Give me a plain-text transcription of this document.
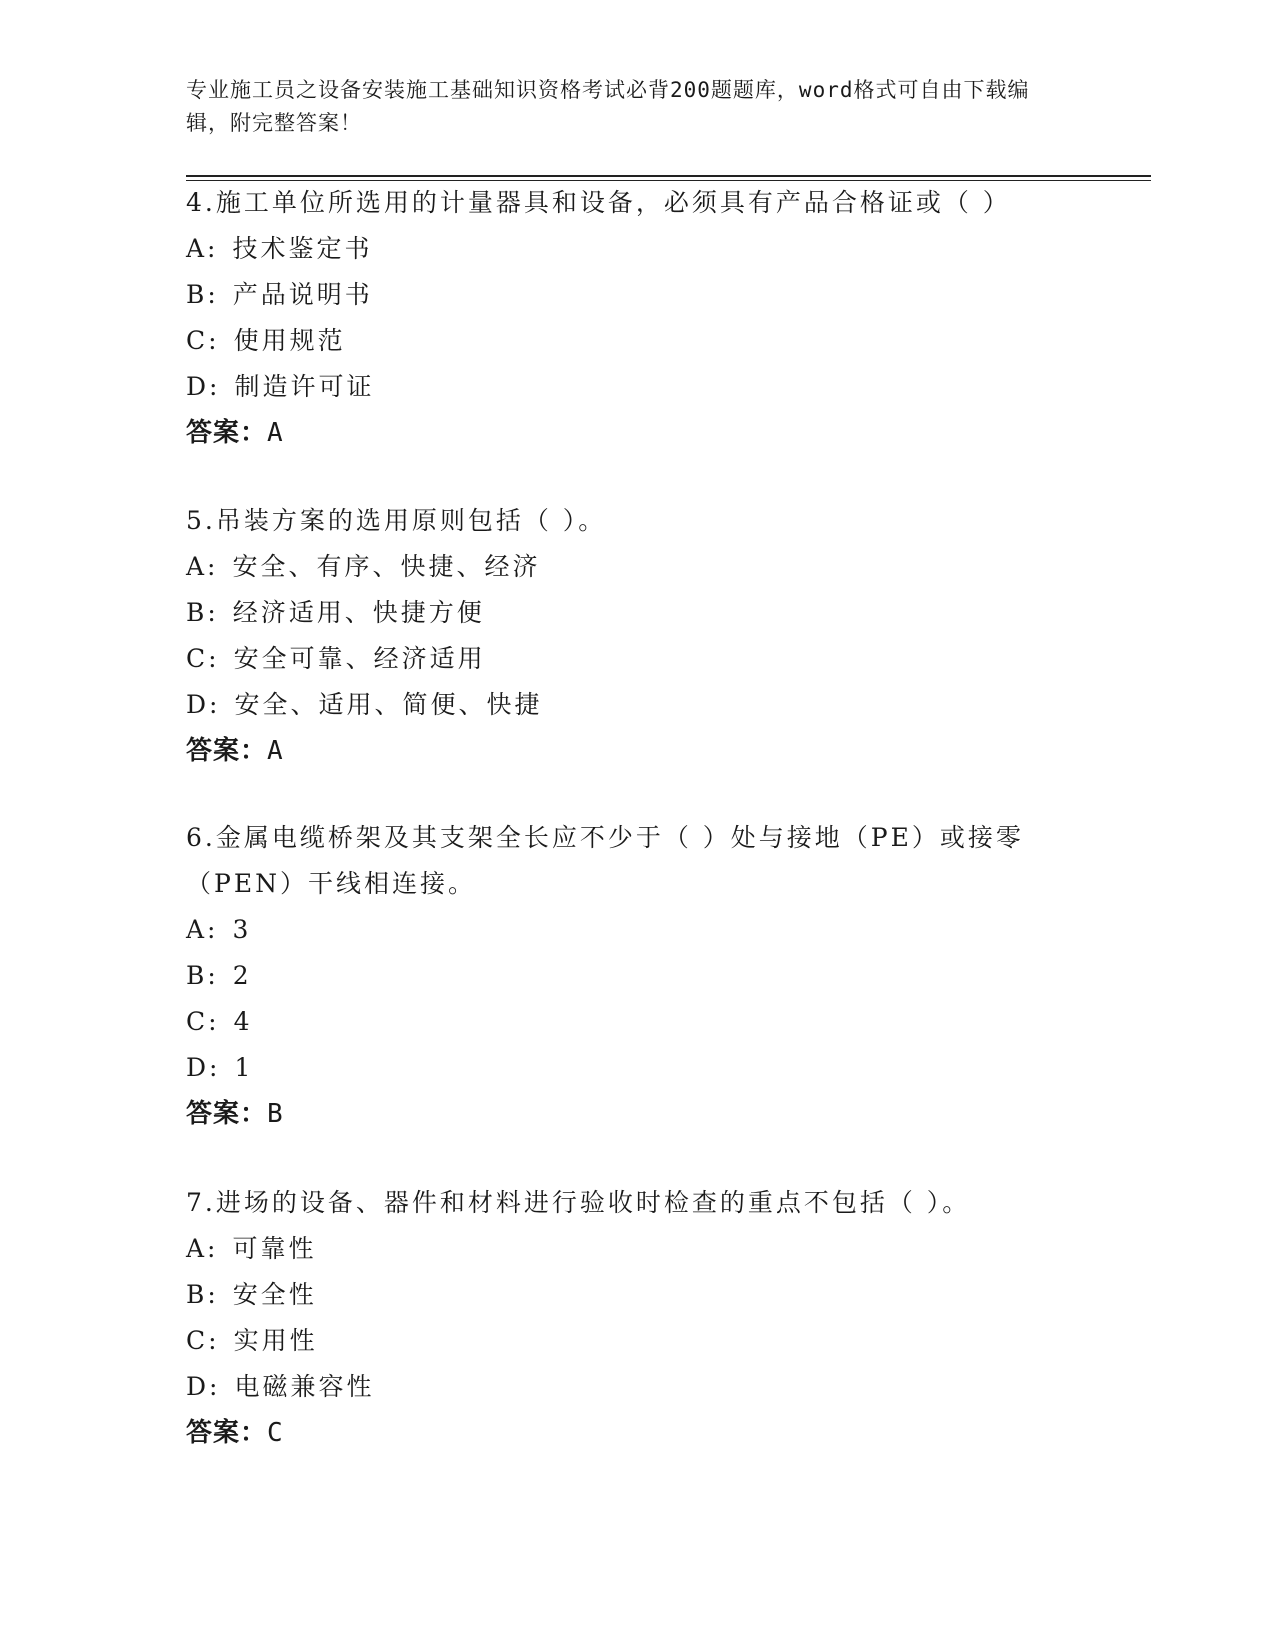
专业施工员之设备安装施工基础知识资格考试必背200题题库，word格式可自由下载编辑，附完整答案！
4.施工单位所选用的计量器具和设备，必须具有产品合格证或（ ）
A: 技术鉴定书
B: 产品说明书
C: 使用规范
D: 制造许可证
答案：A
5.吊装方案的选用原则包括（ ）。
A: 安全、有序、快捷、经济
B: 经济适用、快捷方便
C: 安全可靠、经济适用
D: 安全、适用、简便、快捷
答案：A
6.金属电缆桥架及其支架全长应不少于（ ）处与接地（PE）或接零（PEN）干线相连接。
A: 3
B: 2
C: 4
D: 1
答案：B
7.进场的设备、器件和材料进行验收时检查的重点不包括（ ）。
A: 可靠性
B: 安全性
C: 实用性
D: 电磁兼容性
答案：C
